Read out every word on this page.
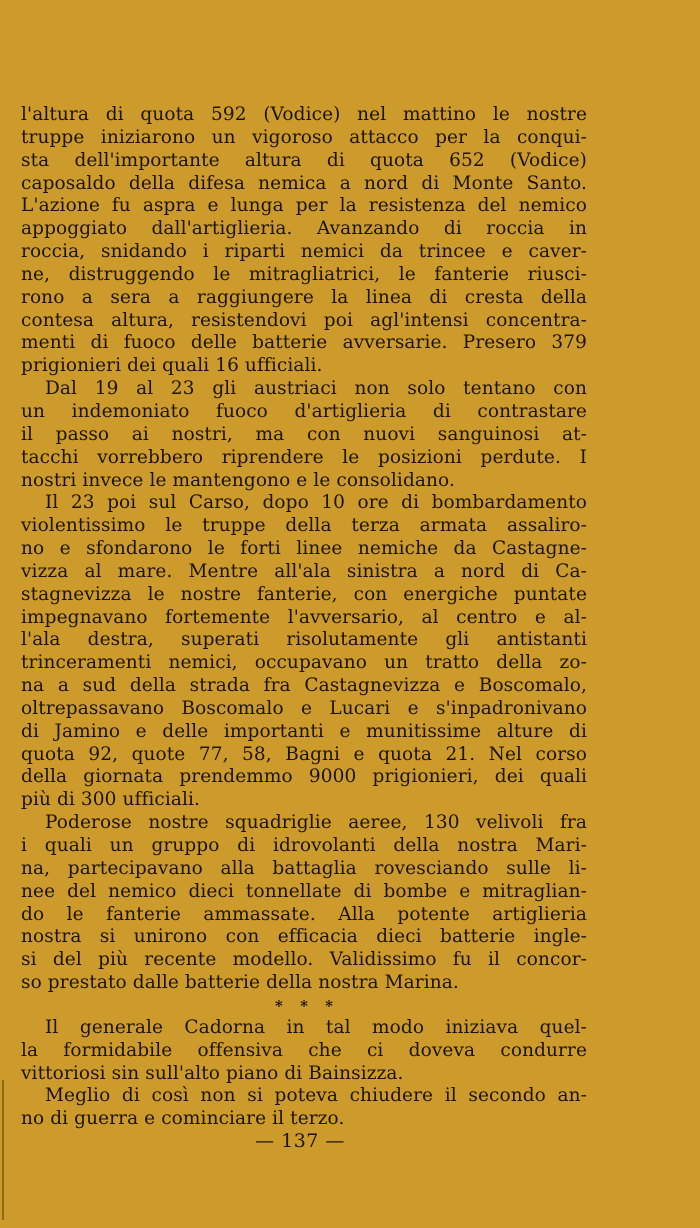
l'altura di quota 592 (Vodice) nel mattino le nostre
truppe iniziarono un vigoroso attacco per la conqui-
sta dell'importante altura di quota 652 (Vodice)
caposaldo della difesa nemica a nord di Monte Santo.
L'azione fu aspra e lunga per la resistenza del nemico
appoggiato dall'artiglieria. Avanzando di roccia in
roccia, snidando i riparti nemici da trincee e caver-
ne, distruggendo le mitragliatrici, le fanterie riusci-
rono a sera a raggiungere la linea di cresta della
contesa altura, resistendovi poi agl'intensi concentra-
menti di fuoco delle batterie avversarie. Presero 379
prigionieri dei quali 16 ufficiali.
Dal 19 al 23 gli austriaci non solo tentano con
un indemoniato fuoco d'artiglieria di contrastare
il passo ai nostri, ma con nuovi sanguinosi at-
tacchi vorrebbero riprendere le posizioni perdute. I
nostri invece le mantengono e le consolidano.
Il 23 poi sul Carso, dopo 10 ore di bombardamento
violentissimo le truppe della terza armata assaliro-
no e sfondarono le forti linee nemiche da Castagne-
vizza al mare. Mentre all'ala sinistra a nord di Ca-
stagnevizza le nostre fanterie, con energiche puntate
impegnavano fortemente l'avversario, al centro e al-
l'ala destra, superati risolutamente gli antistanti
trinceramenti nemici, occupavano un tratto della zo-
na a sud della strada fra Castagnevizza e Boscomalo,
oltrepassavano Boscomalo e Lucari e s'inpadronivano
di Jamino e delle importanti e munitissime alture di
quota 92, quote 77, 58, Bagni e quota 21. Nel corso
della giornata prendemmo 9000 prigionieri, dei quali
più di 300 ufficiali.
Poderose nostre squadriglie aeree, 130 velivoli fra
i quali un gruppo di idrovolanti della nostra Mari-
na, partecipavano alla battaglia rovesciando sulle li-
nee del nemico dieci tonnellate di bombe e mitraglian-
do le fanterie ammassate. Alla potente artiglieria
nostra si unirono con efficacia dieci batterie ingle-
si del più recente modello. Validissimo fu il concor-
so prestato dalle batterie della nostra Marina.
* * *
Il generale Cadorna in tal modo iniziava quel-
la formidabile offensiva che ci doveva condurre
vittoriosi sin sull'alto piano di Bainsizza.
Meglio di così non si poteva chiudere il secondo an-
no di guerra e cominciare il terzo.
— 137 —
